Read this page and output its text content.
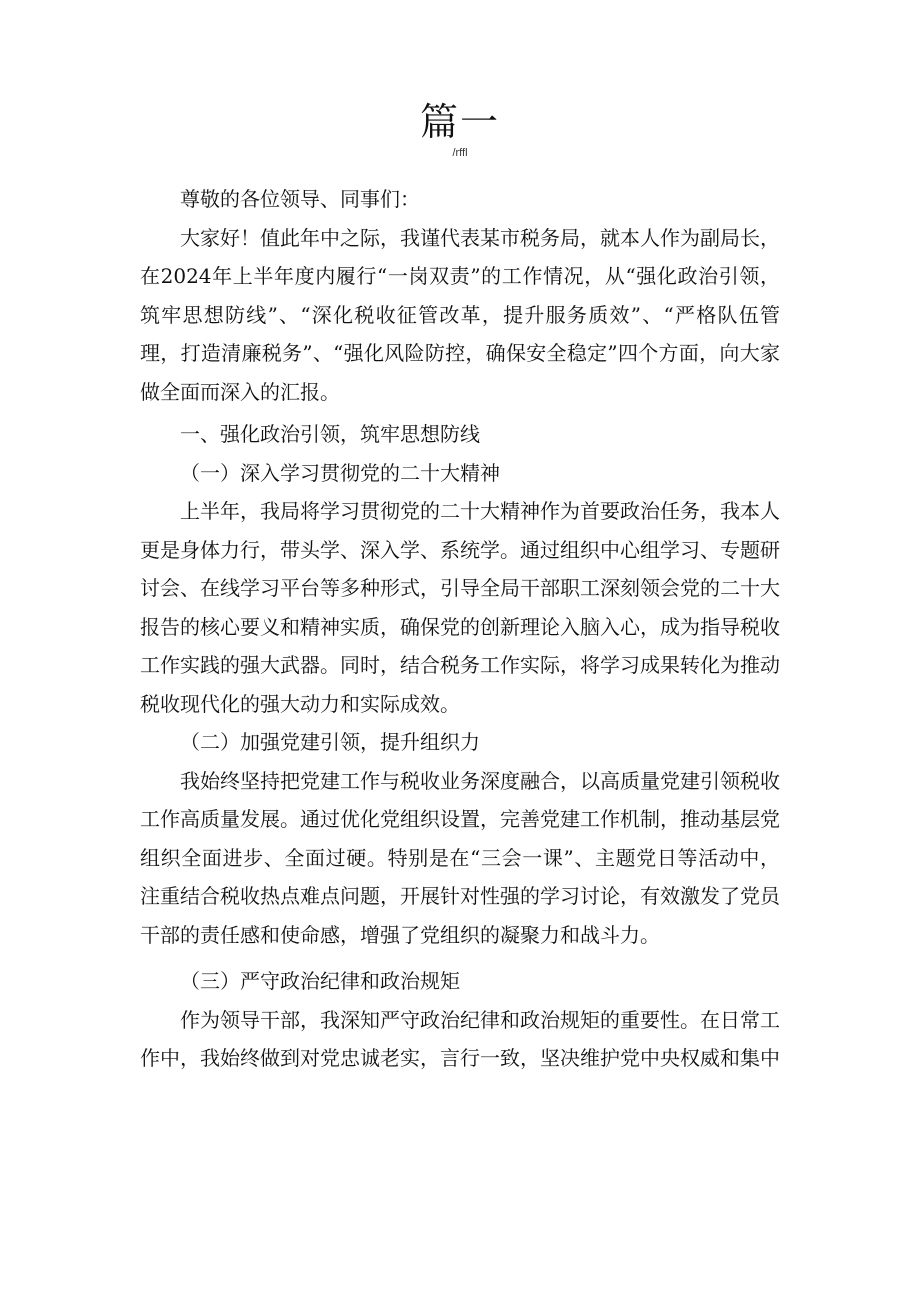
篇一
/rffl

尊敬的各位领导、同事们：

大家好！值此年中之际，我谨代表某市税务局，就本人作为副局长，在2024年上半年度内履行“一岗双责”的工作情况，从“强化政治引领，筑牢思想防线”、“深化税收征管改革，提升服务质效”、“严格队伍管理，打造清廉税务”、“强化风险防控，确保安全稳定”四个方面，向大家做全面而深入的汇报。

一、强化政治引领，筑牢思想防线

（一）深入学习贯彻党的二十大精神

上半年，我局将学习贯彻党的二十大精神作为首要政治任务，我本人更是身体力行，带头学、深入学、系统学。通过组织中心组学习、专题研讨会、在线学习平台等多种形式，引导全局干部职工深刻领会党的二十大报告的核心要义和精神实质，确保党的创新理论入脑入心，成为指导税收工作实践的强大武器。同时，结合税务工作实际，将学习成果转化为推动税收现代化的强大动力和实际成效。

（二）加强党建引领，提升组织力

我始终坚持把党建工作与税收业务深度融合，以高质量党建引领税收工作高质量发展。通过优化党组织设置，完善党建工作机制，推动基层党组织全面进步、全面过硬。特别是在“三会一课”、主题党日等活动中，注重结合税收热点难点问题，开展针对性强的学习讨论，有效激发了党员干部的责任感和使命感，增强了党组织的凝聚力和战斗力。

（三）严守政治纪律和政治规矩

作为领导干部，我深知严守政治纪律和政治规矩的重要性。在日常工作中，我始终做到对党忠诚老实，言行一致，坚决维护党中央权威和集中
